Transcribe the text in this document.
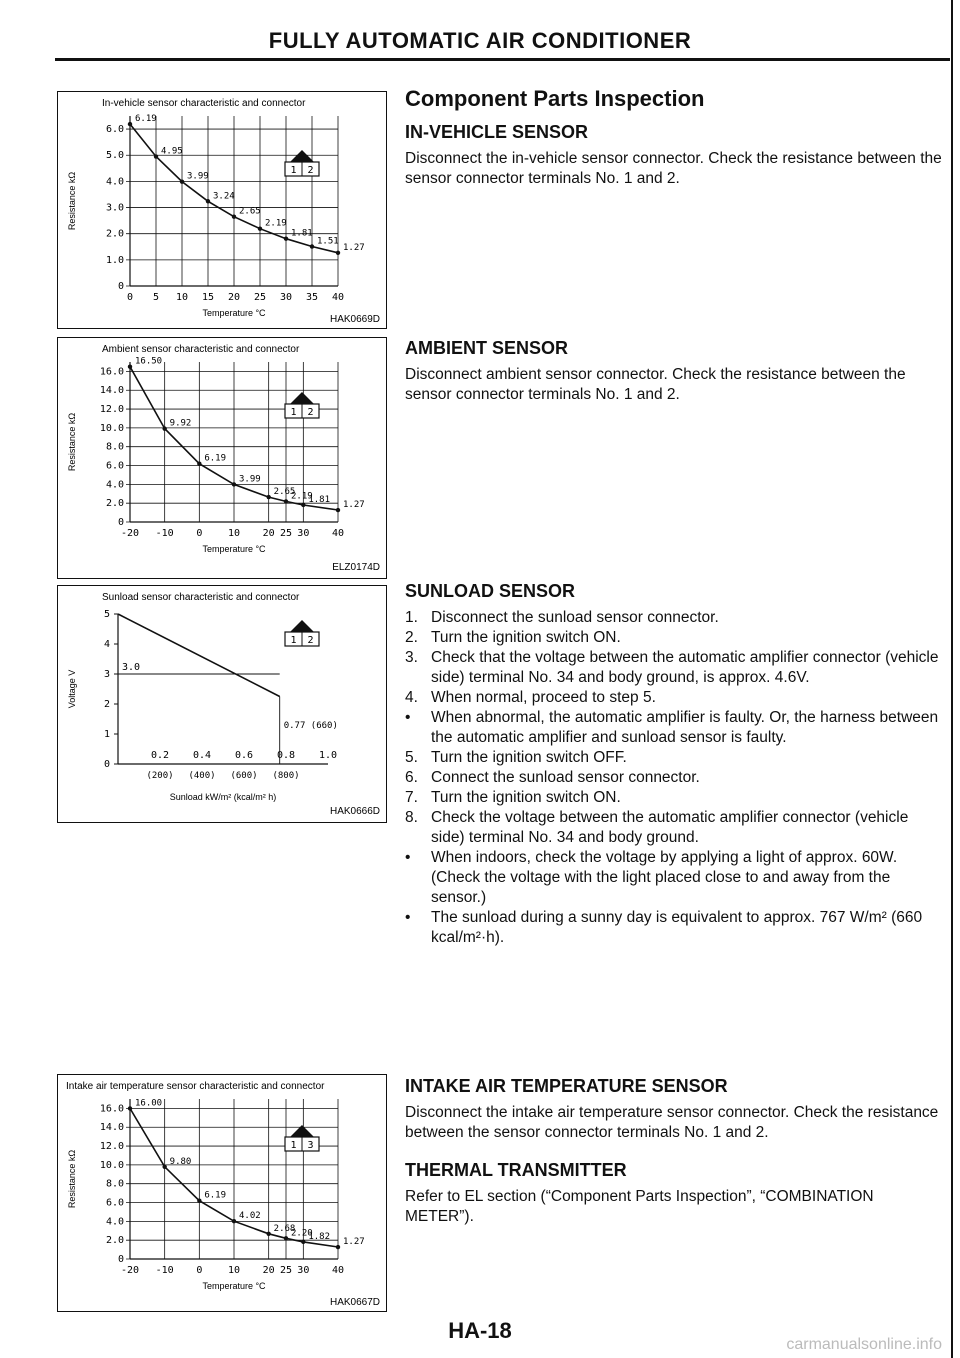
FULLY AUTOMATIC AIR CONDITIONER
In-vehicle sensor characteristic and connector
Resistance kΩ
6.0
5.0
4.0
3.0
2.0
1.0
0
0 5 10 15 20 25 30 35 40
6.19
4.95
3.99
3.24
2.65
2.19
1.81
1.51
1.27
Temperature °C
HAK0669D
1 2
Ambient sensor characteristic and connector
Resistance kΩ
16.0
14.0
12.0
10.0
8.0
6.0
4.0
2.0
0
-20 -10 0	10 20 25 30 40
16.50
9.92
6.19
3.99
2.65
2.19
1.81
1.27
Temperature °C
ELZ0174D
1 2
Sunload sensor characteristic and connector
Voltage V
5
4
3
2
1
0
0.2 0.4 0.6 0.8 1.0
(200) (400) (600) (800)
3.0
0.77 (660)
Sunload kW/m² (kcal/m² h)
HAK0666D
1 2
Intake air temperature sensor characteristic and connector
Resistance kΩ
16.0
14.0
12.0
10.0
8.0
6.0
4.0
2.0
0
-20 -10 0	10 20 25 30 40
16.00
9.80
6.19
4.02
2.68
2.20
1.82
1.27
Temperature °C
HAK0667D
1 3
Component Parts Inspection
IN-VEHICLE SENSOR

Disconnect the in-vehicle sensor connector. Check the resistance between the sensor connector terminals No. 1 and 2.

AMBIENT SENSOR

Disconnect ambient sensor connector. Check the resistance between the sensor connector terminals No. 1 and 2.

SUNLOAD SENSOR
1. Disconnect the sunload sensor connector.
2. Turn the ignition switch ON.
3. Check that the voltage between the automatic amplifier connector (vehicle side) terminal No. 34 and body ground, is approx. 4.6V.
4. When normal, proceed to step 5.
• When abnormal, the automatic amplifier is faulty. Or, the harness between the automatic amplifier and sunload sensor is faulty.
5. Turn the ignition switch OFF.
6. Connect the sunload sensor connector.
7. Turn the ignition switch ON.
8. Check the voltage between the automatic amplifier connector (vehicle side) terminal No. 34 and body ground.
• When indoors, check the voltage by applying a light of approx. 60W. (Check the voltage with the light placed close to and away from the sensor.)
• The sunload during a sunny day is equivalent to approx. 767 W/m² (660 kcal/m²·h).
INTAKE AIR TEMPERATURE SENSOR

Disconnect the intake air temperature sensor connector. Check the resistance between the sensor connector terminals No. 1 and 2.

THERMAL TRANSMITTER

Refer to EL section (“Component Parts Inspection”, “COMBINATION METER”).

HA-18
carmanualsonline.info
